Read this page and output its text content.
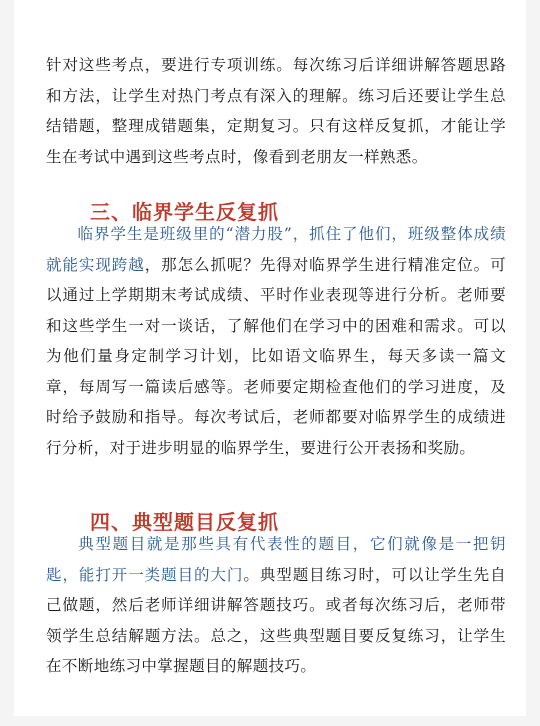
针对这些考点，要进行专项训练。每次练习后详细讲解答题思路和方法，让学生对热门考点有深入的理解。练习后还要让学生总结错题，整理成错题集，定期复习。只有这样反复抓，才能让学生在考试中遇到这些考点时，像看到老朋友一样熟悉。

三、临界学生反复抓

临界学生是班级里的“潜力股”，抓住了他们，班级整体成绩就能实现跨越，那怎么抓呢？先得对临界学生进行精准定位。可以通过上学期期末考试成绩、平时作业表现等进行分析。老师要和这些学生一对一谈话，了解他们在学习中的困难和需求。可以为他们量身定制学习计划，比如语文临界生，每天多读一篇文章，每周写一篇读后感等。老师要定期检查他们的学习进度，及时给予鼓励和指导。每次考试后，老师都要对临界学生的成绩进行分析，对于进步明显的临界学生，要进行公开表扬和奖励。

四、典型题目反复抓

典型题目就是那些具有代表性的题目，它们就像是一把钥匙，能打开一类题目的大门。典型题目练习时，可以让学生先自己做题，然后老师详细讲解答题技巧。或者每次练习后，老师带领学生总结解题方法。总之，这些典型题目要反复练习，让学生在不断地练习中掌握题目的解题技巧。
